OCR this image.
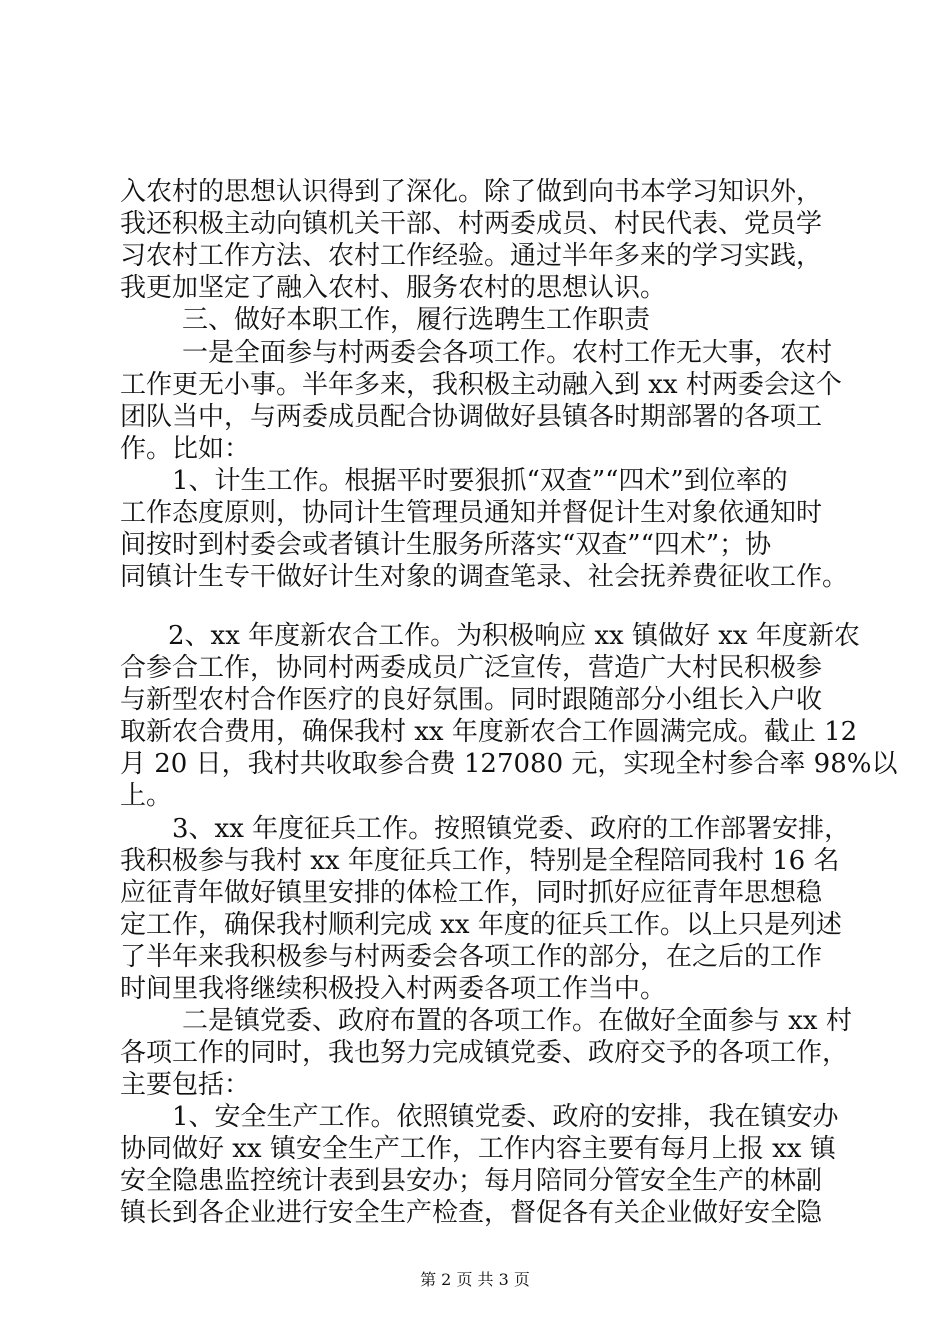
入农村的思想认识得到了深化。除了做到向书本学习知识外，
我还积极主动向镇机关干部、村两委成员、村民代表、党员学
习农村工作方法、农村工作经验。通过半年多来的学习实践，
我更加坚定了融入农村、服务农村的思想认识。
三、做好本职工作，履行选聘生工作职责
一是全面参与村两委会各项工作。农村工作无大事，农村
工作更无小事。半年多来，我积极主动融入到 xx 村两委会这个
团队当中，与两委成员配合协调做好县镇各时期部署的各项工
作。比如：
1、计生工作。根据平时要狠抓“双查”“四术”到位率的
工作态度原则，协同计生管理员通知并督促计生对象依通知时
间按时到村委会或者镇计生服务所落实“双查”“四术”；协
同镇计生专干做好计生对象的调查笔录、社会抚养费征收工作。
2、xx 年度新农合工作。为积极响应 xx 镇做好 xx 年度新农
合参合工作，协同村两委成员广泛宣传，营造广大村民积极参
与新型农村合作医疗的良好氛围。同时跟随部分小组长入户收
取新农合费用，确保我村 xx 年度新农合工作圆满完成。截止 12
月 20 日，我村共收取参合费 127080 元，实现全村参合率 98%以
上。
3、xx 年度征兵工作。按照镇党委、政府的工作部署安排，
我积极参与我村 xx 年度征兵工作，特别是全程陪同我村 16 名
应征青年做好镇里安排的体检工作，同时抓好应征青年思想稳
定工作，确保我村顺利完成 xx 年度的征兵工作。以上只是列述
了半年来我积极参与村两委会各项工作的部分，在之后的工作
时间里我将继续积极投入村两委各项工作当中。
二是镇党委、政府布置的各项工作。在做好全面参与 xx 村
各项工作的同时，我也努力完成镇党委、政府交予的各项工作，
主要包括：
1、安全生产工作。依照镇党委、政府的安排，我在镇安办
协同做好 xx 镇安全生产工作，工作内容主要有每月上报 xx 镇
安全隐患监控统计表到县安办；每月陪同分管安全生产的林副
镇长到各企业进行安全生产检查，督促各有关企业做好安全隐
第 2 页 共 3 页
